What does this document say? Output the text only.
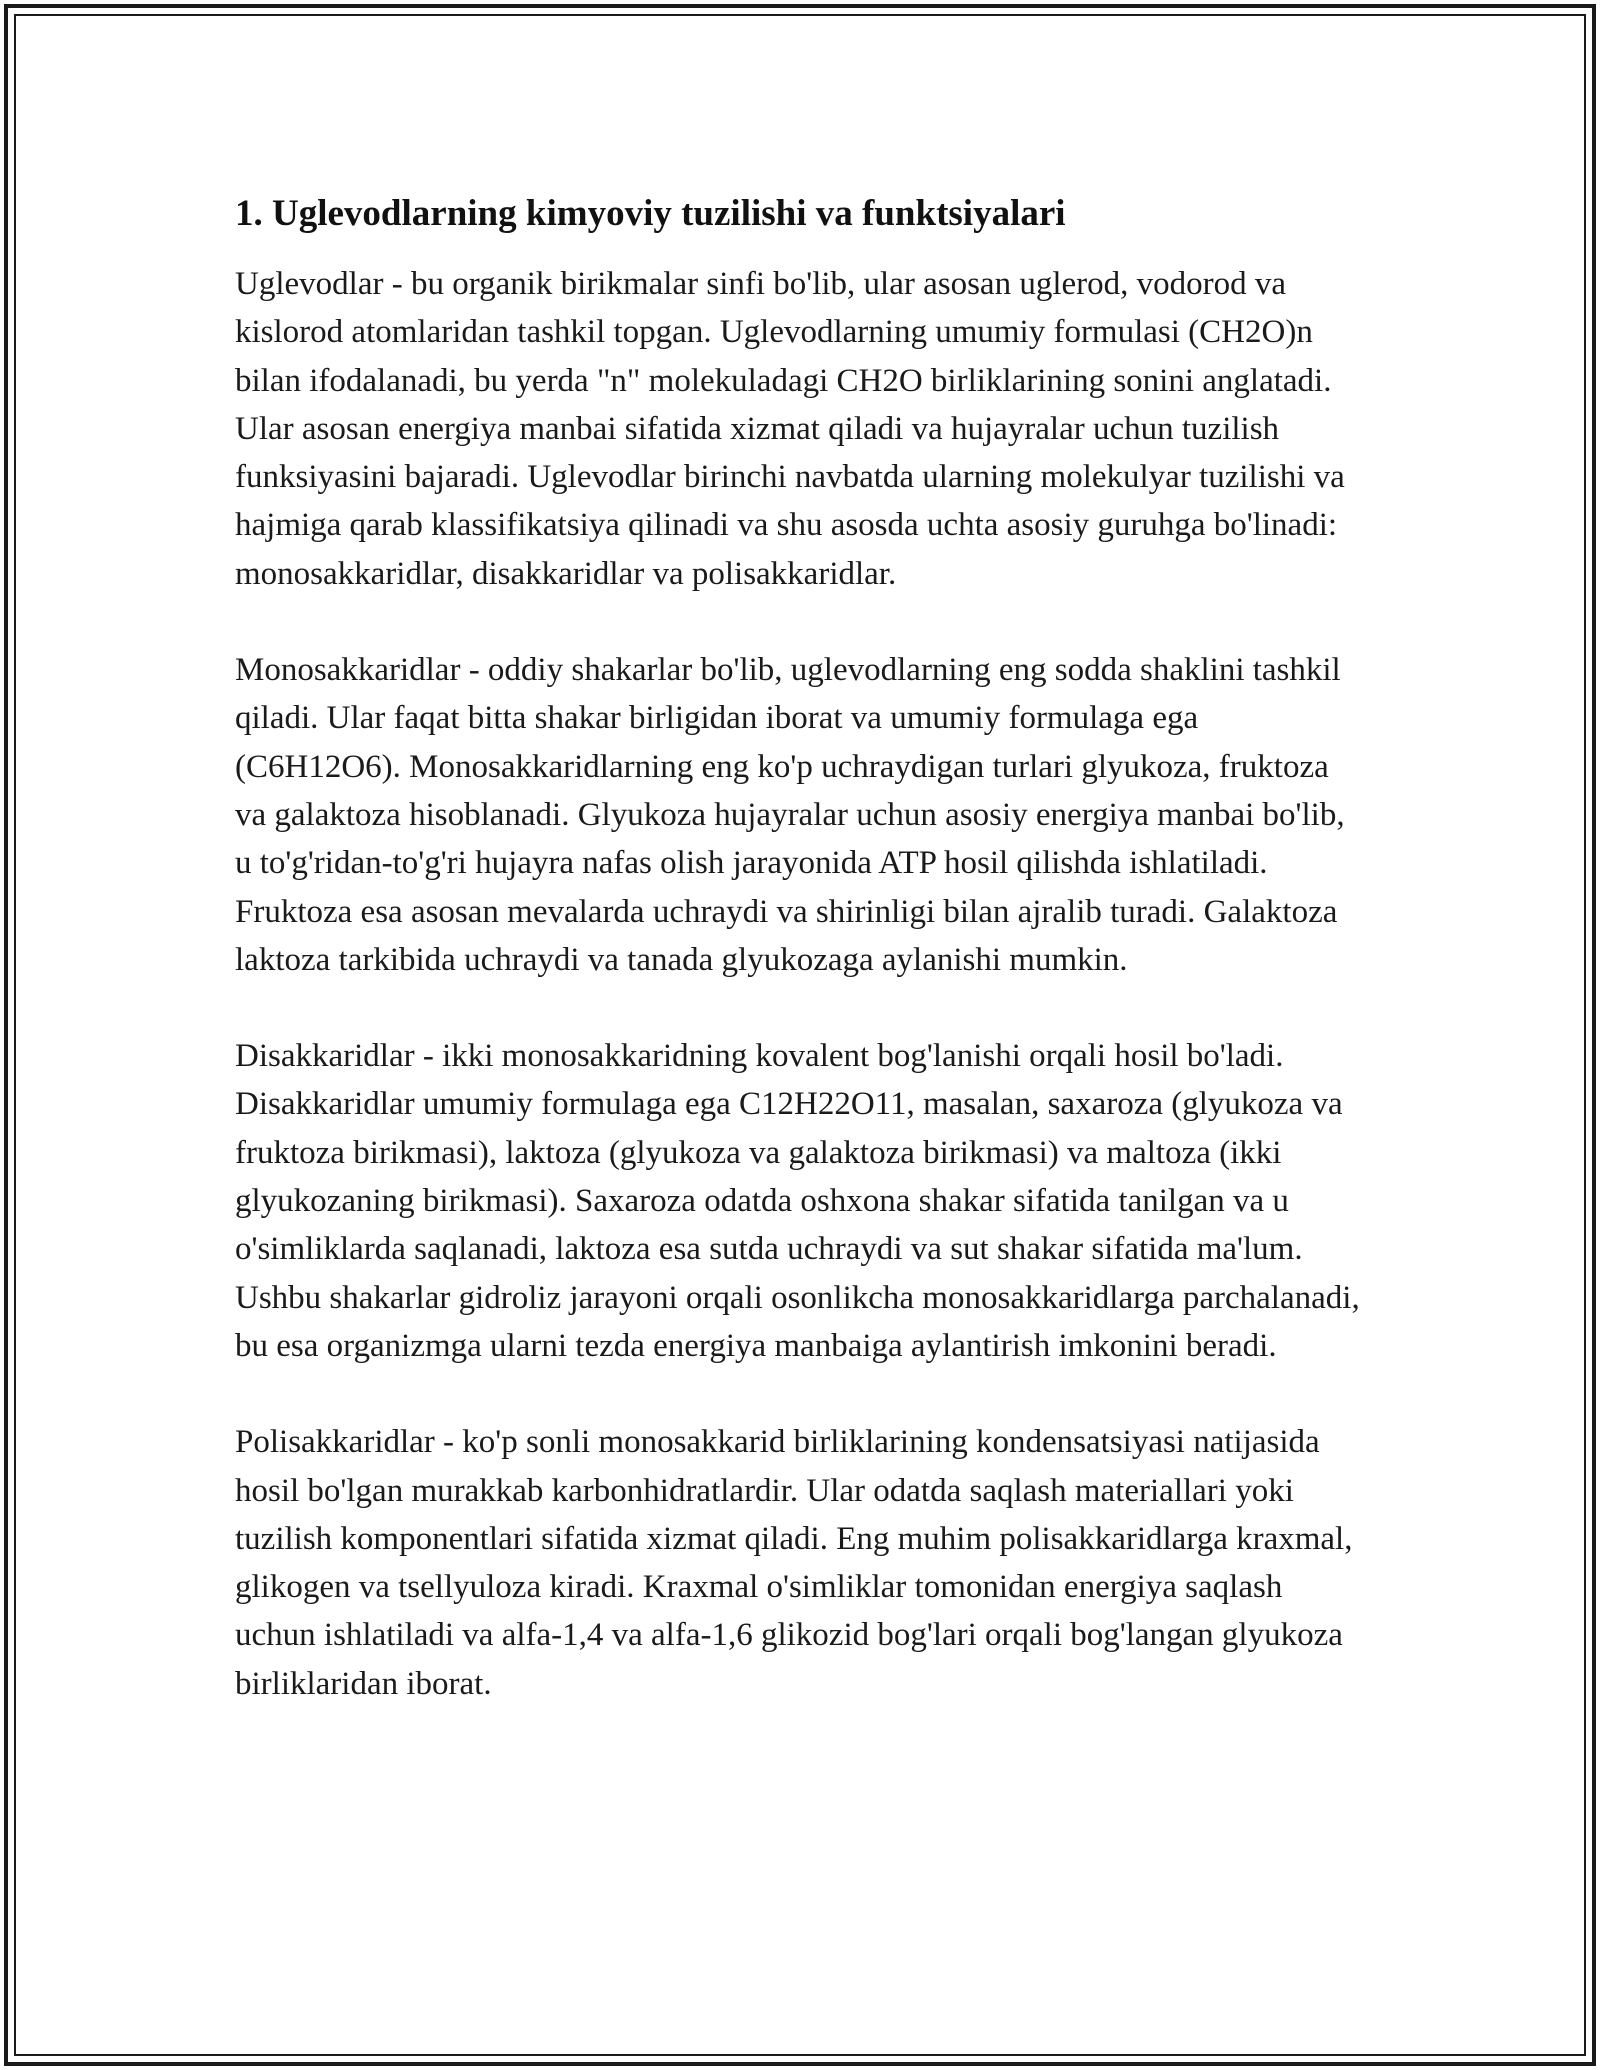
1. Uglevodlarning kimyoviy tuzilishi va funktsiyalari

Uglevodlar - bu organik birikmalar sinfi bo'lib, ular asosan uglerod, vodorod va kislorod atomlaridan tashkil topgan. Uglevodlarning umumiy formulasi (CH2O)n bilan ifodalanadi, bu yerda "n" molekuladagi CH2O birliklarining sonini anglatadi. Ular asosan energiya manbai sifatida xizmat qiladi va hujayralar uchun tuzilish funksiyasini bajaradi. Uglevodlar birinchi navbatda ularning molekulyar tuzilishi va hajmiga qarab klassifikatsiya qilinadi va shu asosda uchta asosiy guruhga bo'linadi: monosakkaridlar, disakkaridlar va polisakkaridlar.

Monosakkaridlar - oddiy shakarlar bo'lib, uglevodlarning eng sodda shaklini tashkil qiladi. Ular faqat bitta shakar birligidan iborat va umumiy formulaga ega (C6H12O6). Monosakkaridlarning eng ko'p uchraydigan turlari glyukoza, fruktoza va galaktoza hisoblanadi. Glyukoza hujayralar uchun asosiy energiya manbai bo'lib, u to'g'ridan-to'g'ri hujayra nafas olish jarayonida ATP hosil qilishda ishlatiladi. Fruktoza esa asosan mevalarda uchraydi va shirinligi bilan ajralib turadi. Galaktoza laktoza tarkibida uchraydi va tanada glyukozaga aylanishi mumkin.

Disakkaridlar - ikki monosakkaridning kovalent bog'lanishi orqali hosil bo'ladi. Disakkaridlar umumiy formulaga ega C12H22O11, masalan, saxaroza (glyukoza va fruktoza birikmasi), laktoza (glyukoza va galaktoza birikmasi) va maltoza (ikki glyukozaning birikmasi). Saxaroza odatda oshxona shakar sifatida tanilgan va u o'simliklarda saqlanadi, laktoza esa sutda uchraydi va sut shakar sifatida ma'lum. Ushbu shakarlar gidroliz jarayoni orqali osonlikcha monosakkaridlarga parchalanadi, bu esa organizmga ularni tezda energiya manbaiga aylantirish imkonini beradi.

Polisakkaridlar - ko'p sonli monosakkarid birliklarining kondensatsiyasi natijasida hosil bo'lgan murakkab karbonhidratlardir. Ular odatda saqlash materiallari yoki tuzilish komponentlari sifatida xizmat qiladi. Eng muhim polisakkaridlarga kraxmal, glikogen va tsellyuloza kiradi. Kraxmal o'simliklar tomonidan energiya saqlash uchun ishlatiladi va alfa-1,4 va alfa-1,6 glikozid bog'lari orqali bog'langan glyukoza birliklaridan iborat.
